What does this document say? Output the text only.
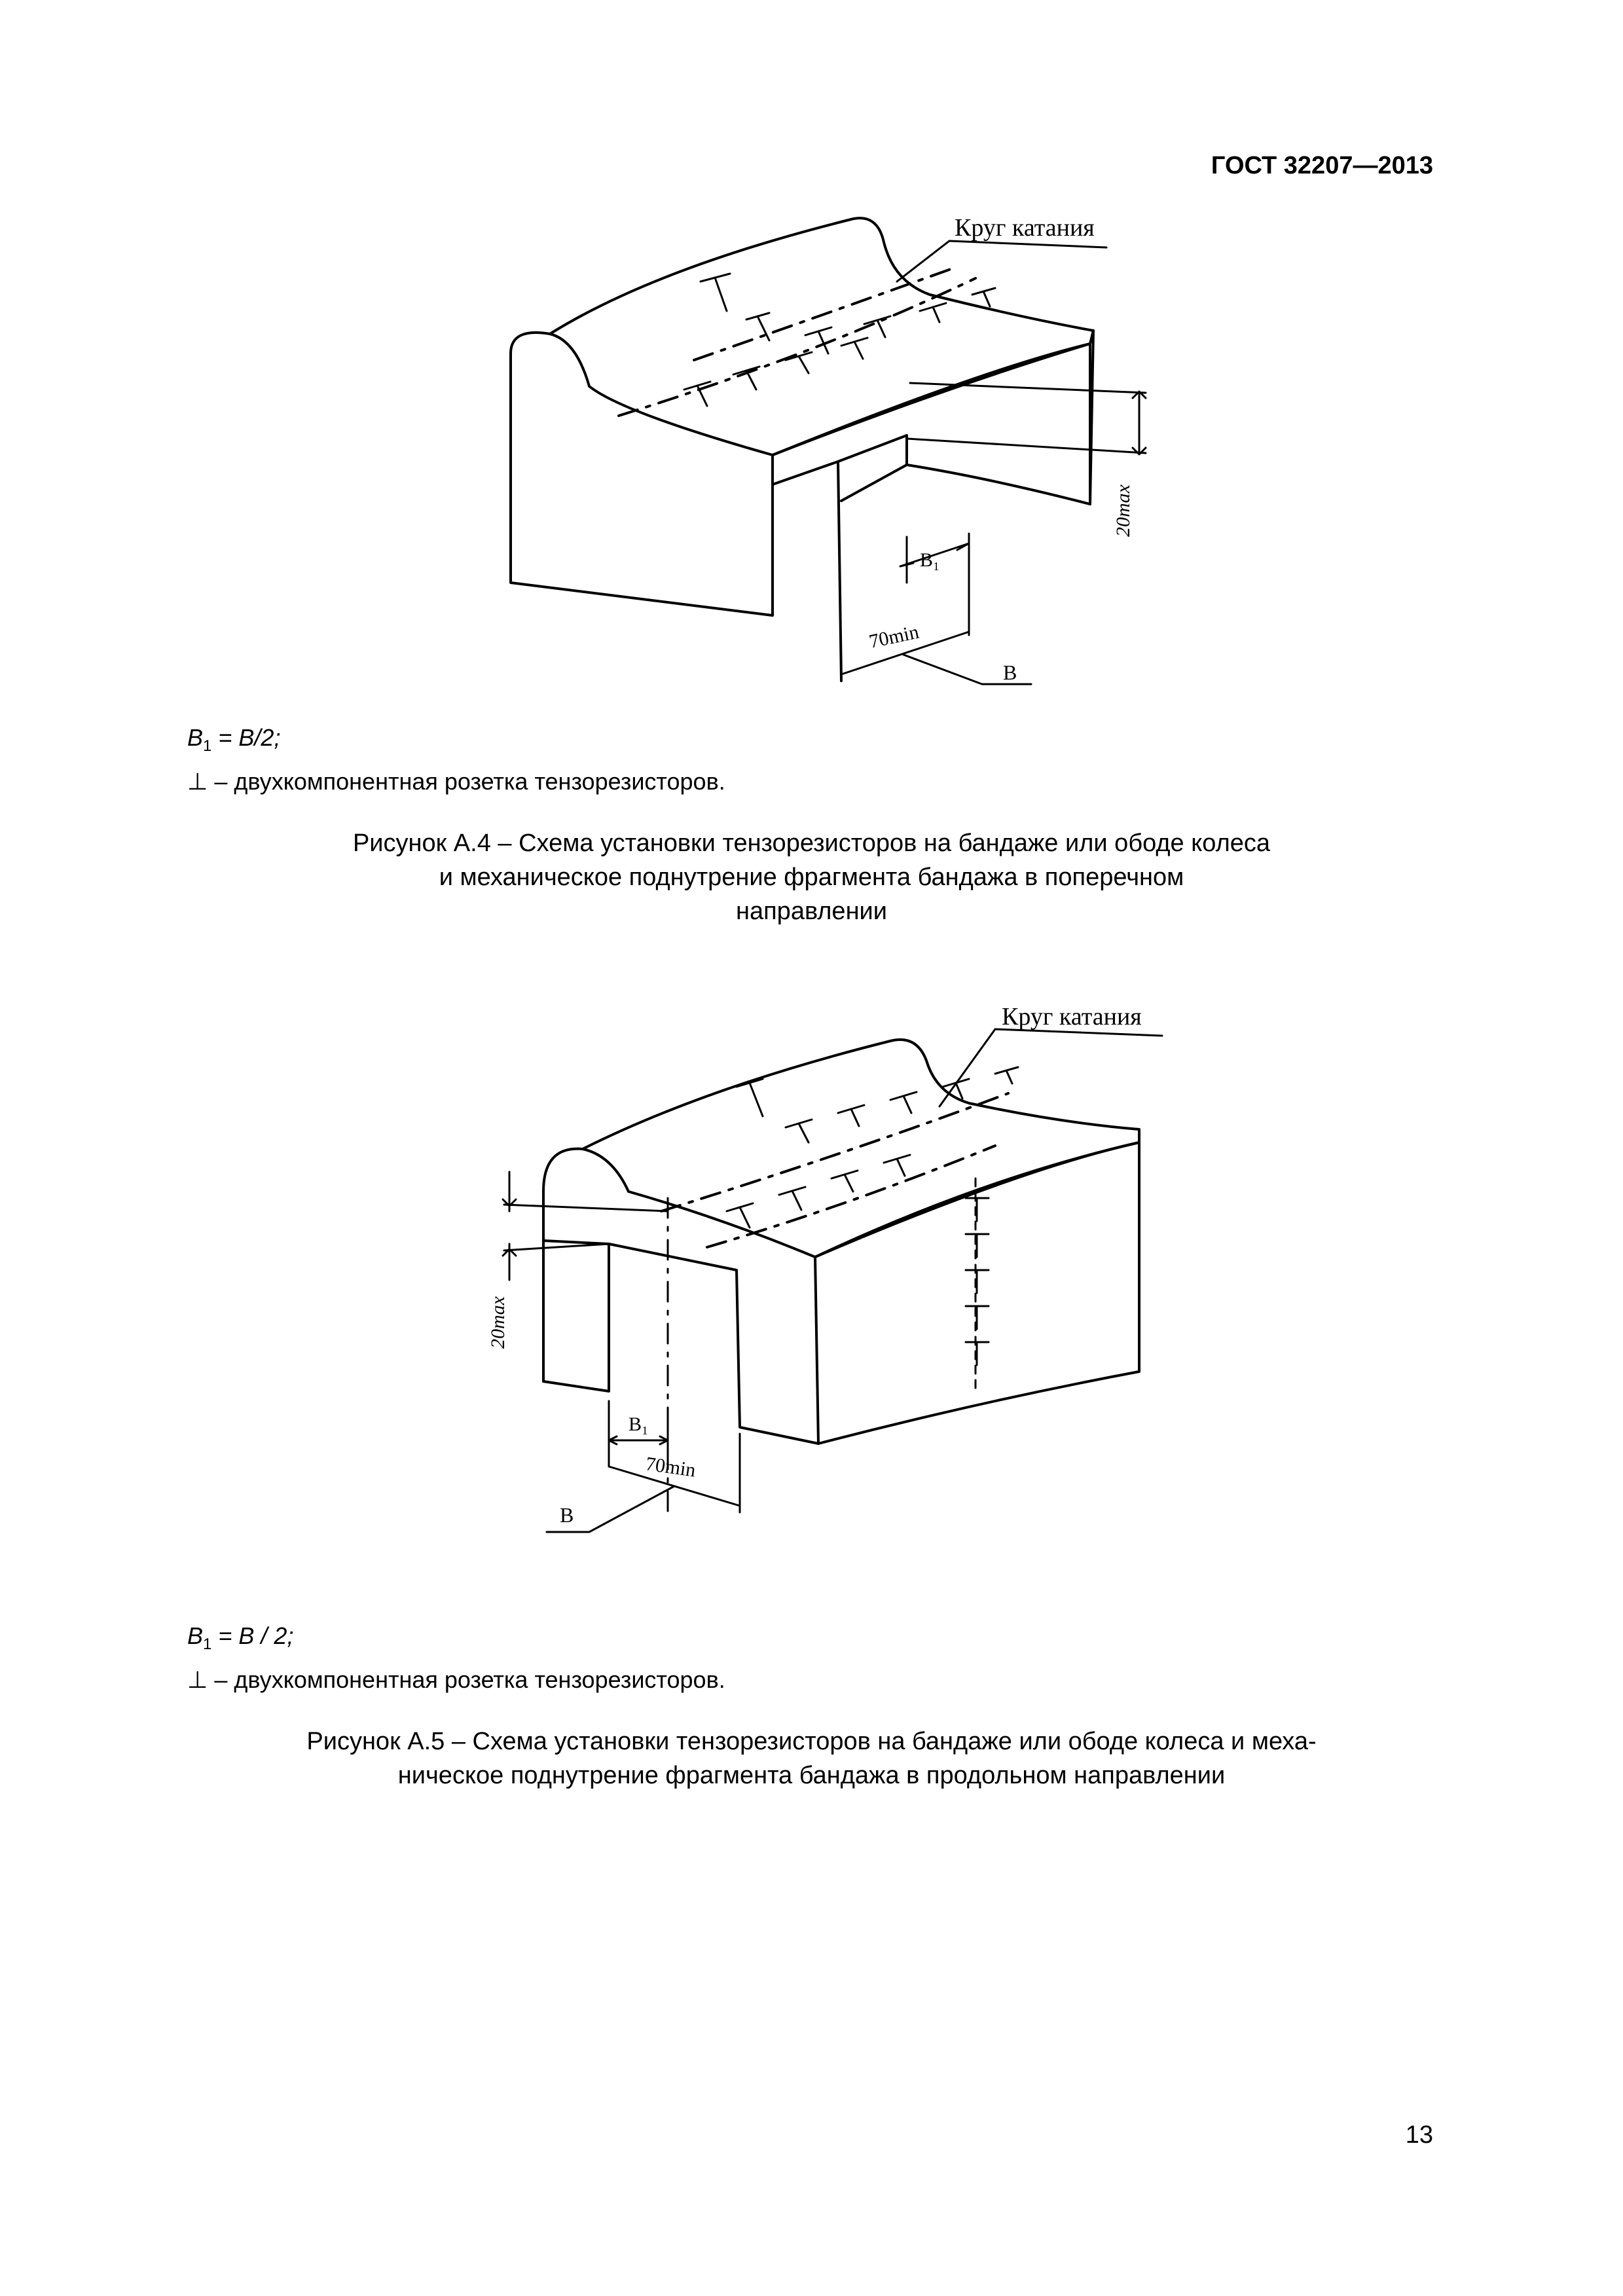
ГОСТ 32207—2013
Круг катания
20max
B₁
70min
B
$B_1 = B/2$;
⊥ – двухкомпонентная розетка тензорезисторов.
Рисунок А.4 – Схема установки тензорезисторов на бандаже или ободе колеса
и механическое поднутрение фрагмента бандажа в поперечном
направлении
Круг катания
20max
B₁
70min
B
$B_1 = B / 2$;
⊥ – двухкомпонентная розетка тензорезисторов.
Рисунок А.5 – Схема установки тензорезисторов на бандаже или ободе колеса и меха-
ническое поднутрение фрагмента бандажа в продольном направлении
13
